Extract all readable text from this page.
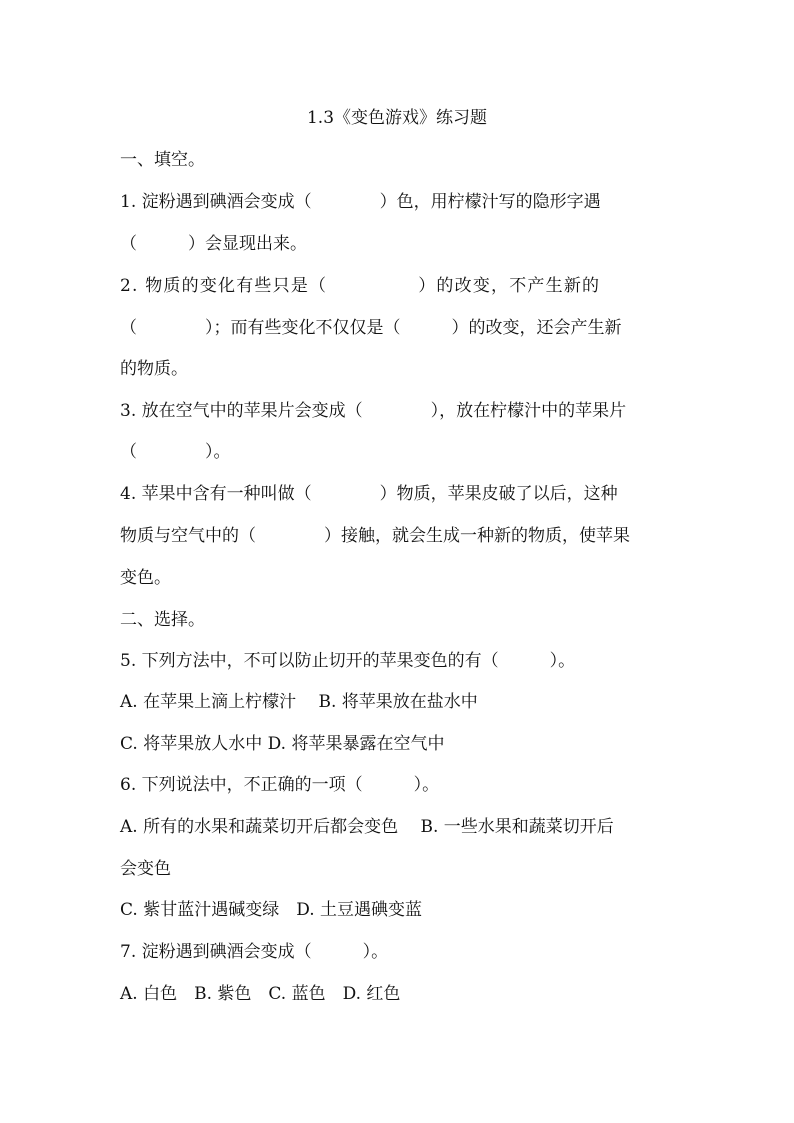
1.3《变色游戏》练习题
一、填空。
1. 淀粉遇到碘酒会变成（　　　　）色，用柠檬汁写的隐形字遇
（　　　）会显现出来。
2. 物质的变化有些只是（　　　　　）的改变，不产生新的
（　　　　）；而有些变化不仅仅是（　　　）的改变，还会产生新
的物质。
3. 放在空气中的苹果片会变成（　　　　），放在柠檬汁中的苹果片
（　　　　）。
4. 苹果中含有一种叫做（　　　　）物质，苹果皮破了以后，这种
物质与空气中的（　　　　）接触，就会生成一种新的物质，使苹果
变色。
二、选择。
5. 下列方法中，不可以防止切开的苹果变色的有（　　　）。
A. 在苹果上滴上柠檬汁　 B. 将苹果放在盐水中
C. 将苹果放人水中 D. 将苹果暴露在空气中
6. 下列说法中，不正确的一项（　　　）。
A. 所有的水果和蔬菜切开后都会变色　 B. 一些水果和蔬菜切开后
会变色
C. 紫甘蓝汁遇碱变绿　D. 土豆遇碘变蓝
7. 淀粉遇到碘酒会变成（　　　）。
A. 白色　B. 紫色　C. 蓝色　D. 红色
